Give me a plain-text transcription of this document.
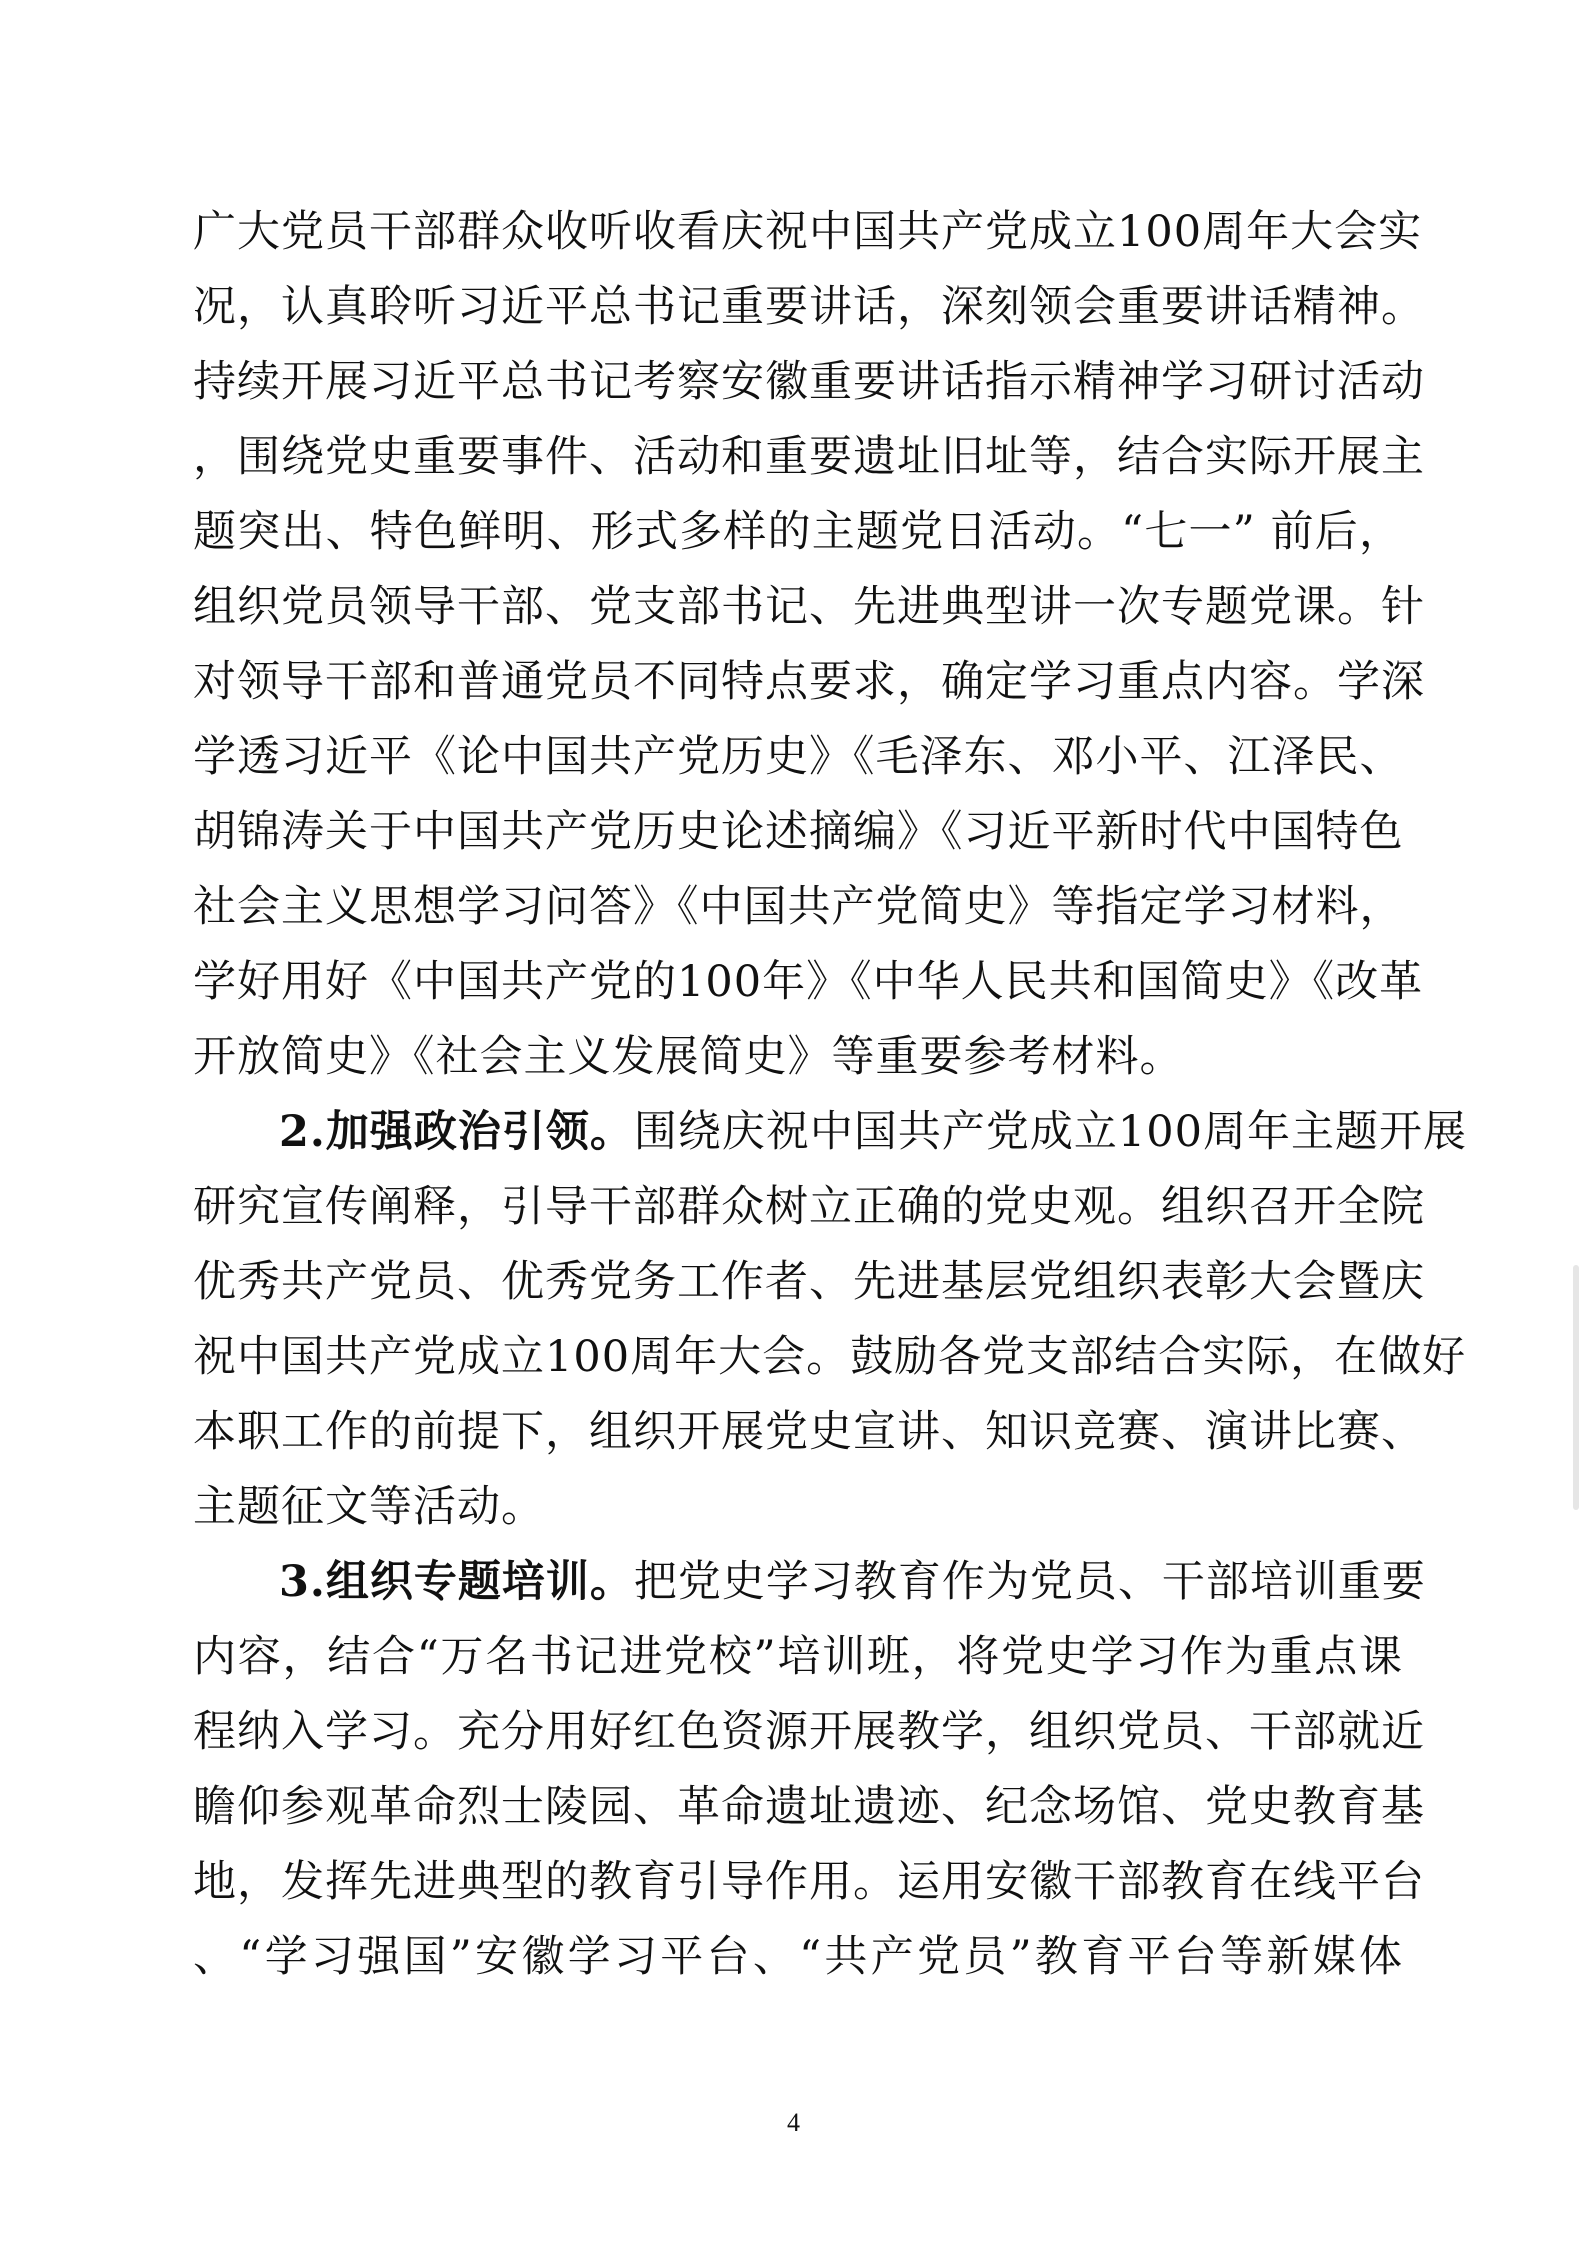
广大党员干部群众收听收看庆祝中国共产党成立100周年大会实
况，认真聆听习近平总书记重要讲话，深刻领会重要讲话精神。
持续开展习近平总书记考察安徽重要讲话指示精神学习研讨活动
，围绕党史重要事件、活动和重要遗址旧址等，结合实际开展主
题突出、特色鲜明、形式多样的主题党日活动。“七一” 前后，
组织党员领导干部、党支部书记、先进典型讲一次专题党课。针
对领导干部和普通党员不同特点要求，确定学习重点内容。学深
学透习近平《论中国共产党历史》《毛泽东、邓小平、江泽民、
胡锦涛关于中国共产党历史论述摘编》《习近平新时代中国特色
社会主义思想学习问答》《中国共产党简史》等指定学习材料，
学好用好《中国共产党的100年》《中华人民共和国简史》《改革
开放简史》《社会主义发展简史》等重要参考材料。
2.加强政治引领。围绕庆祝中国共产党成立100周年主题开展
研究宣传阐释，引导干部群众树立正确的党史观。组织召开全院
优秀共产党员、优秀党务工作者、先进基层党组织表彰大会暨庆
祝中国共产党成立100周年大会。鼓励各党支部结合实际，在做好
本职工作的前提下，组织开展党史宣讲、知识竞赛、演讲比赛、
主题征文等活动。
3.组织专题培训。把党史学习教育作为党员、干部培训重要
内容，结合“万名书记进党校”培训班，将党史学习作为重点课
程纳入学习。充分用好红色资源开展教学，组织党员、干部就近
瞻仰参观革命烈士陵园、革命遗址遗迹、纪念场馆、党史教育基
地，发挥先进典型的教育引导作用。运用安徽干部教育在线平台
、“学习强国”安徽学习平台、“共产党员”教育平台等新媒体
4
